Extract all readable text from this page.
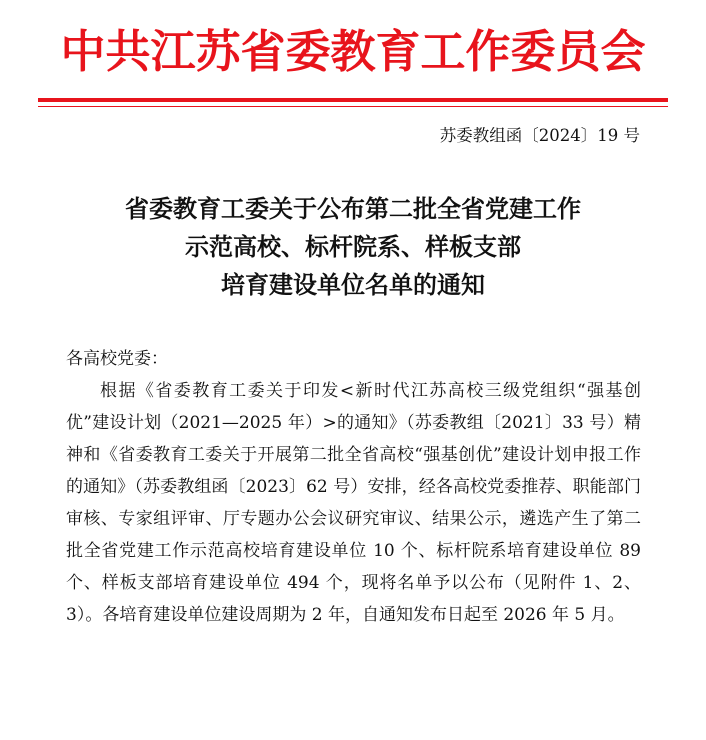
中共江苏省委教育工作委员会
苏委教组函〔2024〕19 号
省委教育工委关于公布第二批全省党建工作
示范高校、标杆院系、样板支部
培育建设单位名单的通知

各高校党委：

根据《省委教育工委关于印发<新时代江苏高校三级党组织“强基创优”建设计划（2021—2025 年）>的通知》（苏委教组〔2021〕33 号）精神和《省委教育工委关于开展第二批全省高校“强基创优”建设计划申报工作的通知》（苏委教组函〔2023〕62 号）安排，经各高校党委推荐、职能部门审核、专家组评审、厅专题办公会议研究审议、结果公示，遴选产生了第二批全省党建工作示范高校培育建设单位 10 个、标杆院系培育建设单位 89 个、样板支部培育建设单位 494 个，现将名单予以公布（见附件 1、2、3）。各培育建设单位建设周期为 2 年，自通知发布日起至 2026 年 5 月。
